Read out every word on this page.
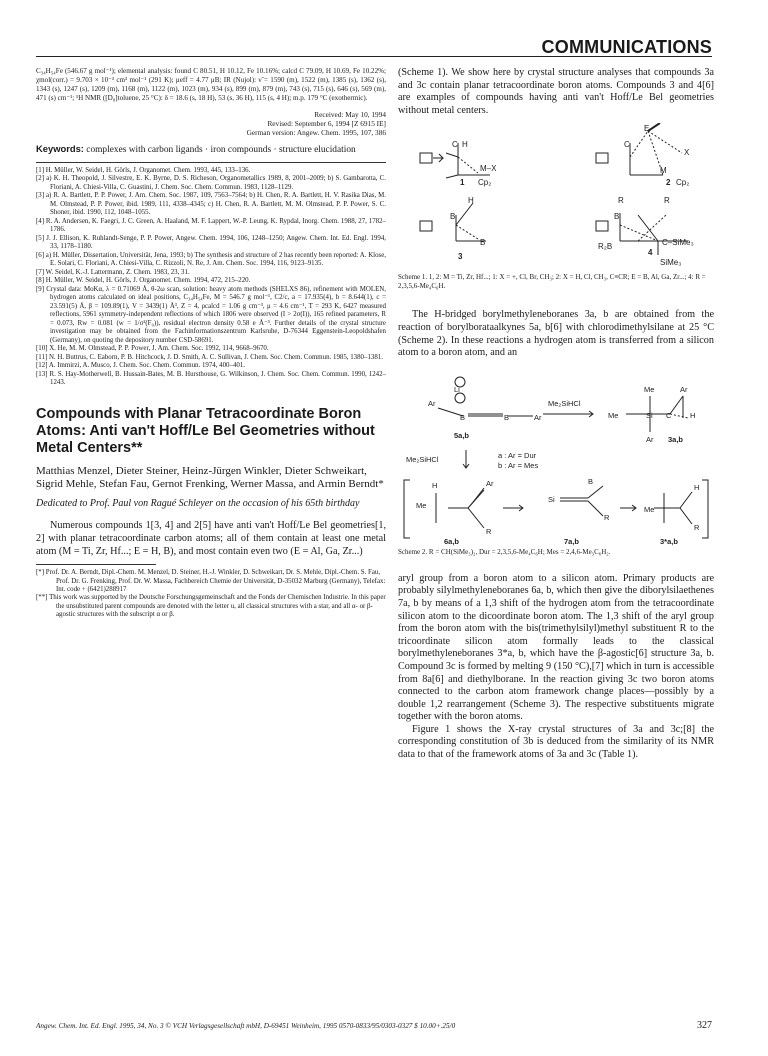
COMMUNICATIONS
C₃₄H₅₄Fe (546.67 g mol⁻¹); elemental analysis: found C 80.51, H 10.12, Fe 10.16%; calcd C 79.09, H 10.69, Fe 10.22%; χmol(corr.) = 9.703 × 10⁻³ cm³ mol⁻¹ (291 K); μeff = 4.77 μB; IR (Nujol): ν̃ = 1590 (m), 1522 (m), 1385 (s), 1362 (s), 1343 (s), 1247 (s), 1209 (m), 1168 (m), 1122 (m), 1023 (m), 934 (s), 899 (m), 879 (m), 743 (s), 715 (s), 646 (s), 569 (m), 471 (s) cm⁻¹; ¹H NMR ([D₈]toluene, 25 °C): δ = 18.6 (s, 18 H), 53 (s, 36 H), 115 (s, 4 H); m.p. 179 °C (exothermic).
Received: May 10, 1994
Revised: September 6, 1994 [Z 6915 IE]
German version: Angew. Chem. 1995, 107, 386
Keywords: complexes with carbon ligands · iron compounds · structure elucidation
[1] H. Müller, W. Seidel, H. Görls, J. Organomet. Chem. 1993, 445, 133–136.
[2] a) K. H. Theopold, J. Silvestre, E. K. Byrne, D. S. Richeson, Organometallics 1989, 8, 2001–2009; b) S. Gambarotta, C. Floriani, A. Chiesi-Villa, C. Guastini, J. Chem. Soc. Chem. Commun. 1983, 1128–1129.
[3] a) R. A. Bartlett, P. P. Power, J. Am. Chem. Soc. 1987, 109, 7563–7564; b) H. Chen, R. A. Bartlett, H. V. Rasika Dias, M. M. Olmstead, P. P. Power, ibid. 1989, 111, 4338–4345; c) H. Chen, R. A. Bartlett, M. M. Olmstead, P. P. Power, S. C. Shoner, ibid. 1990, 112, 1048–1055.
[4] R. A. Andersen, K. Faegri, J. C. Green, A. Haaland, M. F. Lappert, W.-P. Leung, K. Rypdal, Inorg. Chem. 1988, 27, 1782–1786.
[5] J. J. Ellison, K. Ruhlandt-Senge, P. P. Power, Angew. Chem. 1994, 106, 1248–1250; Angew. Chem. Int. Ed. Engl. 1994, 33, 1178–1180.
[6] a) H. Müller, Dissertation, Universität, Jena, 1993; b) The synthesis and structure of 2 has recently been reported: A. Klose, E. Solari, C. Floriani, A. Chiesi-Villa, C. Rizzoli, N. Re, J. Am. Chem. Soc. 1994, 116, 9123–9135.
[7] W. Seidel, K.-J. Lattermann, Z. Chem. 1983, 23, 31.
[8] H. Müller, W. Seidel, H. Görls, J. Organomet. Chem. 1994, 472, 215–220.
[9] Crystal data: MoKα, λ = 0.71069 Å, θ-2ω scan, solution: heavy atom methods (SHELXS 86), refinement with MOLEN, hydrogen atoms calculated on ideal positions, C₃₄H₅₄Fe, M = 546.7 g mol⁻¹, C2/c, a = 17.935(4), b = 8.644(1), c = 23.591(5) Å, β = 109.89(1), V = 3439(1) Å³, Z = 4, ρcalcd = 1.06 g cm⁻³, μ = 4.6 cm⁻¹, T = 293 K, 6427 measured reflections, 5961 symmetry-independent reflections of which 1806 were observed (I > 2σ(I)), 165 refined parameters, R = 0.073, Rw = 0.081 (w = 1/σ²(F₀)), residual electron density 0.58 e Å⁻³. Further details of the crystal structure investigation may be obtained from the Fachinformationszentrum Karlsruhe, D-76344 Eggenstein-Leopoldshafen (Germany), on quoting the depository number CSD-58691.
[10] X. He, M. M. Olmstead, P. P. Power, J. Am. Chem. Soc. 1992, 114, 9668–9670.
[11] N. H. Buttrus, C. Eaborn, P. B. Hitchcock, J. D. Smith, A. C. Sullivan, J. Chem. Soc. Chem. Commun. 1985, 1380–1381.
[12] A. Immirzi, A. Musco, J. Chem. Soc. Chem. Commun. 1974, 400–401.
[13] R. S. Hay-Motherwell, B. Hussain-Bates, M. B. Hursthouse, G. Wilkinson, J. Chem. Soc. Chem. Commun. 1990, 1242–1243.
Compounds with Planar Tetracoordinate Boron Atoms: Anti van't Hoff/Le Bel Geometries without Metal Centers**
Matthias Menzel, Dieter Steiner, Heinz-Jürgen Winkler, Dieter Schweikart, Sigrid Mehle, Stefan Fau, Gernot Frenking, Werner Massa, and Armin Berndt*
Dedicated to Prof. Paul von Ragué Schleyer on the occasion of his 65th birthday
Numerous compounds 1[3, 4] and 2[5] have anti van't Hoff/Le Bel geometries[1, 2] with planar tetracoordinate carbon atoms; all of them contain at least one metal atom (M = Ti, Zr, Hf...; E = H, B), and most contain even two (E = Al, Ga, Zr...)
[*] Prof. Dr. A. Berndt, Dipl.-Chem. M. Menzel, D. Steiner, H.-J. Winkler, D. Schweikart, Dr. S. Mehle, Dipl.-Chem. S. Fau, Prof. Dr. G. Frenking, Prof. Dr. W. Massa, Fachbereich Chemie der Universität, D-35032 Marburg (Germany), Telefax: Int. code + (6421)288917
[**] This work was supported by the Deutsche Forschungsgemeinschaft and the Fonds der Chemischen Industrie. In this paper the unsubstituted parent compounds are denoted with the letter u, all classical structures with a star, and all α- or β-agostic structures with the subscript α or β.
(Scheme 1). We show here by crystal structure analyses that compounds 3a and 3c contain planar tetracoordinate boron atoms. Compounds 3 and 4[6] are examples of compounds having anti van't Hoff/Le Bel geometries without metal centers.
C H
M–X
1 Cp₂
C
E
X
M
2 Cp₂
B
H
B
3
R	R
B
R₂B	C–SiMe₃
4
SiMe₃
Scheme 1. 1, 2: M = Ti, Zr, Hf...; 1: X = +, Cl, Br, CH₃; 2: X = H, Cl, CH₃, C≡CR; E = B, Al, Ga, Zr...; 4: R = 2,3,5,6-Me₄C₆H.
The H-bridged borylmethyleneboranes 3a, b are obtained from the reaction of borylborataalkynes 5a, b[6] with chlorodimethylsilane at 25 °C (Scheme 2). In these reactions a hydrogen atom is transferred from a silicon atom to a boron atom, and an
Li
Ar
B	B	Ar
5a,b
Me₂SiHCl
Me
Me	Si C
Ar
H
Ar 3a,b
Me₂SiHCl	a : Ar = Dur
b : Ar = Mes
Me
H	Ar
R
6a,b
Si
B
R
7a,b
Me
H
R
3*a,b
Scheme 2. R = CH(SiMe₃)₂, Dur = 2,3,5,6-Me₄C₆H; Mes = 2,4,6-Me₃C₆H₂.
aryl group from a boron atom to a silicon atom. Primary products are probably silylmethyleneboranes 6a, b, which then give the diborylsilaethenes 7a, b by means of a 1,3 shift of the hydrogen atom from the tetracoordinate silicon atom to the dicoordinate boron atom. The 1,3 shift of the aryl group from the boron atom with the bis(trimethylsilyl)methyl substituent R to the tricoordinate silicon atom formally leads to the classical borylmethyleneboranes 3*a, b, which have the β-agostic[6] structure 3a, b. Compound 3c is formed by melting 9 (150 °C),[7] which in turn is accessible from 8a[6] and diethylborane. In the reaction giving 3c two boron atoms connected to the carbon atom framework change places—possibly by a double 1,2 rearrangement (Scheme 3). The respective substituents migrate together with the boron atoms.
Figure 1 shows the X-ray crystal structures of 3a and 3c;[8] the corresponding constitution of 3b is deduced from the similarity of its NMR data to that of the framework atoms of 3a and 3c (Table 1).
Angew. Chem. Int. Ed. Engl. 1995, 34, No. 3 © VCH Verlagsgesellschaft mbH, D-69451 Weinheim, 1995 0570-0833/95/0303-0327 $ 10.00+.25/0	327
